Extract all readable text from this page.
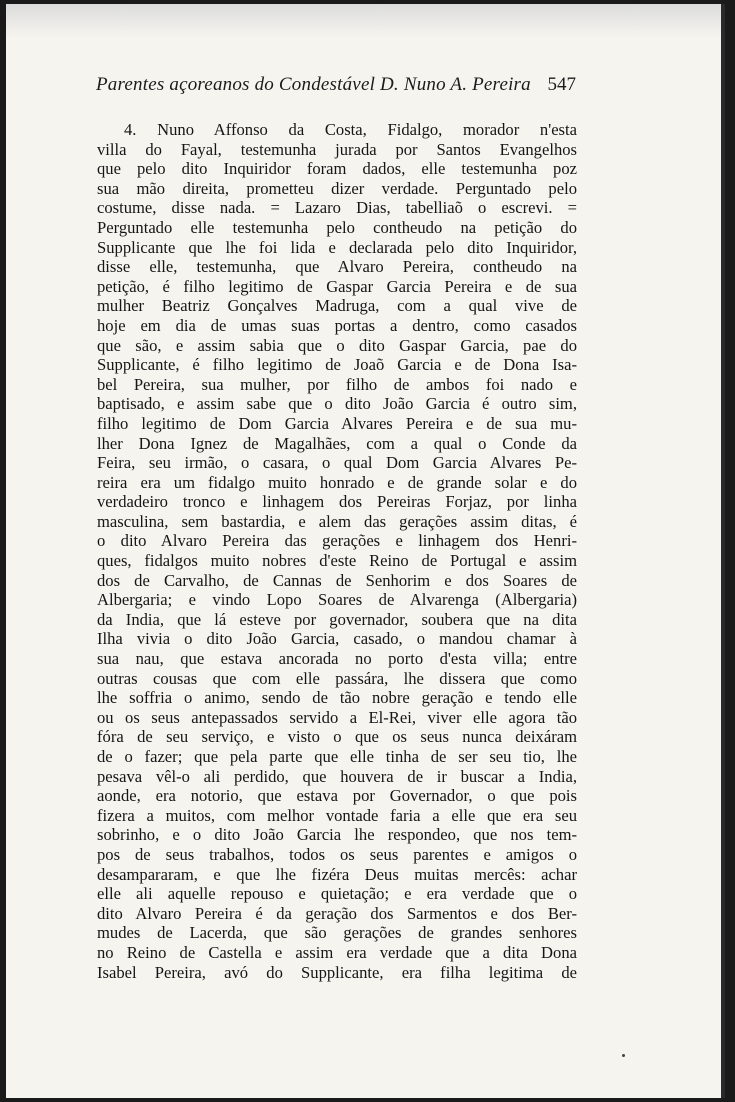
Parentes açoreanos do Condestável D. Nuno A. Pereira 547
4. Nuno Affonso da Costa, Fidalgo, morador n'esta
villa do Fayal, testemunha jurada por Santos Evangelhos
que pelo dito Inquiridor foram dados, elle testemunha poz
sua mão direita, prometteu dizer verdade. Perguntado pelo
costume, disse nada. = Lazaro Dias, tabelliaõ o escrevi. =
Perguntado elle testemunha pelo contheudo na petição do
Supplicante que lhe foi lida e declarada pelo dito Inquiridor,
disse elle, testemunha, que Alvaro Pereira, contheudo na
petição, é filho legitimo de Gaspar Garcia Pereira e de sua
mulher Beatriz Gonçalves Madruga, com a qual vive de
hoje em dia de umas suas portas a dentro, como casados
que são, e assim sabia que o dito Gaspar Garcia, pae do
Supplicante, é filho legitimo de Joaõ Garcia e de Dona Isa-
bel Pereira, sua mulher, por filho de ambos foi nado e
baptisado, e assim sabe que o dito João Garcia é outro sim,
filho legitimo de Dom Garcia Alvares Pereira e de sua mu-
lher Dona Ignez de Magalhães, com a qual o Conde da
Feira, seu irmão, o casara, o qual Dom Garcia Alvares Pe-
reira era um fidalgo muito honrado e de grande solar e do
verdadeiro tronco e linhagem dos Pereiras Forjaz, por linha
masculina, sem bastardia, e alem das gerações assim ditas, é
o dito Alvaro Pereira das gerações e linhagem dos Henri-
ques, fidalgos muito nobres d'este Reino de Portugal e assim
dos de Carvalho, de Cannas de Senhorim e dos Soares de
Albergaria; e vindo Lopo Soares de Alvarenga (Albergaria)
da India, que lá esteve por governador, soubera que na dita
Ilha vivia o dito João Garcia, casado, o mandou chamar à
sua nau, que estava ancorada no porto d'esta villa; entre
outras cousas que com elle passára, lhe dissera que como
lhe soffria o animo, sendo de tão nobre geração e tendo elle
ou os seus antepassados servido a El-Rei, viver elle agora tão
fóra de seu serviço, e visto o que os seus nunca deixáram
de o fazer; que pela parte que elle tinha de ser seu tio, lhe
pesava vêl-o ali perdido, que houvera de ir buscar a India,
aonde, era notorio, que estava por Governador, o que pois
fizera a muitos, com melhor vontade faria a elle que era seu
sobrinho, e o dito João Garcia lhe respondeo, que nos tem-
pos de seus trabalhos, todos os seus parentes e amigos o
desampararam, e que lhe fizéra Deus muitas mercês: achar
elle ali aquelle repouso e quietação; e era verdade que o
dito Alvaro Pereira é da geração dos Sarmentos e dos Ber-
mudes de Lacerda, que são gerações de grandes senhores
no Reino de Castella e assim era verdade que a dita Dona
Isabel Pereira, avó do Supplicante, era filha legitima de
